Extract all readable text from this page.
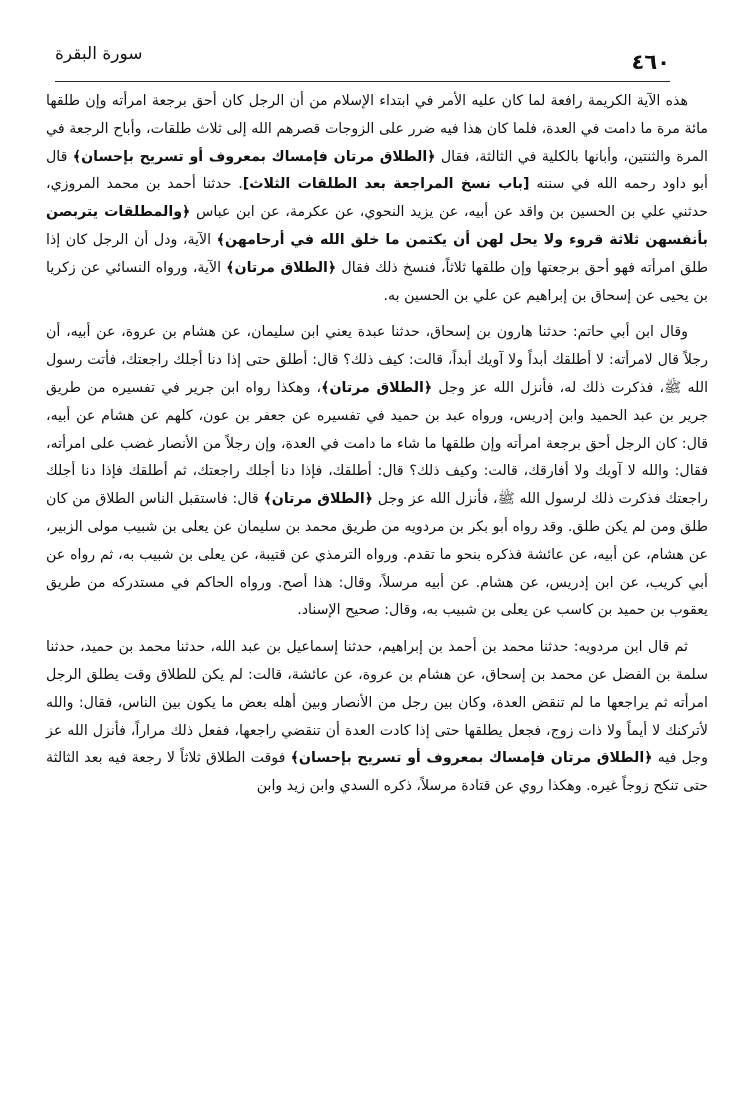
٤٦٠
سورة البقرة

هذه الآية الكريمة رافعة لما كان عليه الأمر في ابتداء الإسلام من أن الرجل كان أحق برجعة امرأته وإن طلقها مائة مرة ما دامت في العدة، فلما كان هذا فيه ضرر على الزوجات قصرهم الله إلى ثلاث طلقات، وأباح الرجعة في المرة والثنتين، وأبانها بالكلية في الثالثة، فقال ﴿الطلاق مرتان فإمساك بمعروف أو تسريح بإحسان﴾ قال أبو داود رحمه الله في سننه [باب نسخ المراجعة بعد الطلقات الثلاث]. حدثنا أحمد بن محمد المروزي، حدثني علي بن الحسين بن واقد عن أبيه، عن يزيد النحوي، عن عكرمة، عن ابن عباس ﴿والمطلقات يتربصن بأنفسهن ثلاثة قروء ولا يحل لهن أن يكتمن ما خلق الله في أرحامهن﴾ الآية، ودل أن الرجل كان إذا طلق امرأته فهو أحق برجعتها وإن طلقها ثلاثاً، فنسخ ذلك فقال ﴿الطلاق مرتان﴾ الآية، ورواه النسائي عن زكريا بن يحيى عن إسحاق بن إبراهيم عن علي بن الحسين به.

وقال ابن أبي حاتم: حدثنا هارون بن إسحاق، حدثنا عبدة يعني ابن سليمان، عن هشام بن عروة، عن أبيه، أن رجلاً قال لامرأته: لا أطلقك أبداً ولا آويك أبداً، قالت: كيف ذلك؟ قال: أطلق حتى إذا دنا أجلك راجعتك، فأتت رسول الله ﷺ، فذكرت ذلك له، فأنزل الله عز وجل ﴿الطلاق مرتان﴾، وهكذا رواه ابن جرير في تفسيره من طريق جرير بن عبد الحميد وابن إدريس، ورواه عبد بن حميد في تفسيره عن جعفر بن عون، كلهم عن هشام عن أبيه، قال: كان الرجل أحق برجعة امرأته وإن طلقها ما شاء ما دامت في العدة، وإن رجلاً من الأنصار غضب على امرأته، فقال: والله لا آويك ولا أفارقك، قالت: وكيف ذلك؟ قال: أطلقك، فإذا دنا أجلك راجعتك، ثم أطلقك فإذا دنا أجلك راجعتك فذكرت ذلك لرسول الله ﷺ، فأنزل الله عز وجل ﴿الطلاق مرتان﴾ قال: فاستقبل الناس الطلاق من كان طلق ومن لم يكن طلق. وقد رواه أبو بكر بن مردويه من طريق محمد بن سليمان عن يعلى بن شبيب مولى الزبير، عن هشام، عن أبيه، عن عائشة فذكره بنحو ما تقدم. ورواه الترمذي عن قتيبة، عن يعلى بن شبيب به، ثم رواه عن أبي كريب، عن ابن إدريس، عن هشام. عن أبيه مرسلاً، وقال: هذا أصح. ورواه الحاكم في مستدركه من طريق يعقوب بن حميد بن كاسب عن يعلى بن شبيب به، وقال: صحيح الإسناد.

ثم قال ابن مردويه: حدثنا محمد بن أحمد بن إبراهيم، حدثنا إسماعيل بن عبد الله، حدثنا محمد بن حميد، حدثنا سلمة بن الفضل عن محمد بن إسحاق، عن هشام بن عروة، عن عائشة، قالت: لم يكن للطلاق وقت يطلق الرجل امرأته ثم يراجعها ما لم تنقض العدة، وكان بين رجل من الأنصار وبين أهله بعض ما يكون بين الناس، فقال: والله لأتركنك لا أيماً ولا ذات زوج، فجعل يطلقها حتى إذا كادت العدة أن تنقضي راجعها، ففعل ذلك مراراً، فأنزل الله عز وجل فيه ﴿الطلاق مرتان فإمساك بمعروف أو تسريح بإحسان﴾ فوقت الطلاق ثلاثاً لا رجعة فيه بعد الثالثة حتى تنكح زوجاً غيره. وهكذا روي عن قتادة مرسلاً، ذكره السدي وابن زيد وابن
